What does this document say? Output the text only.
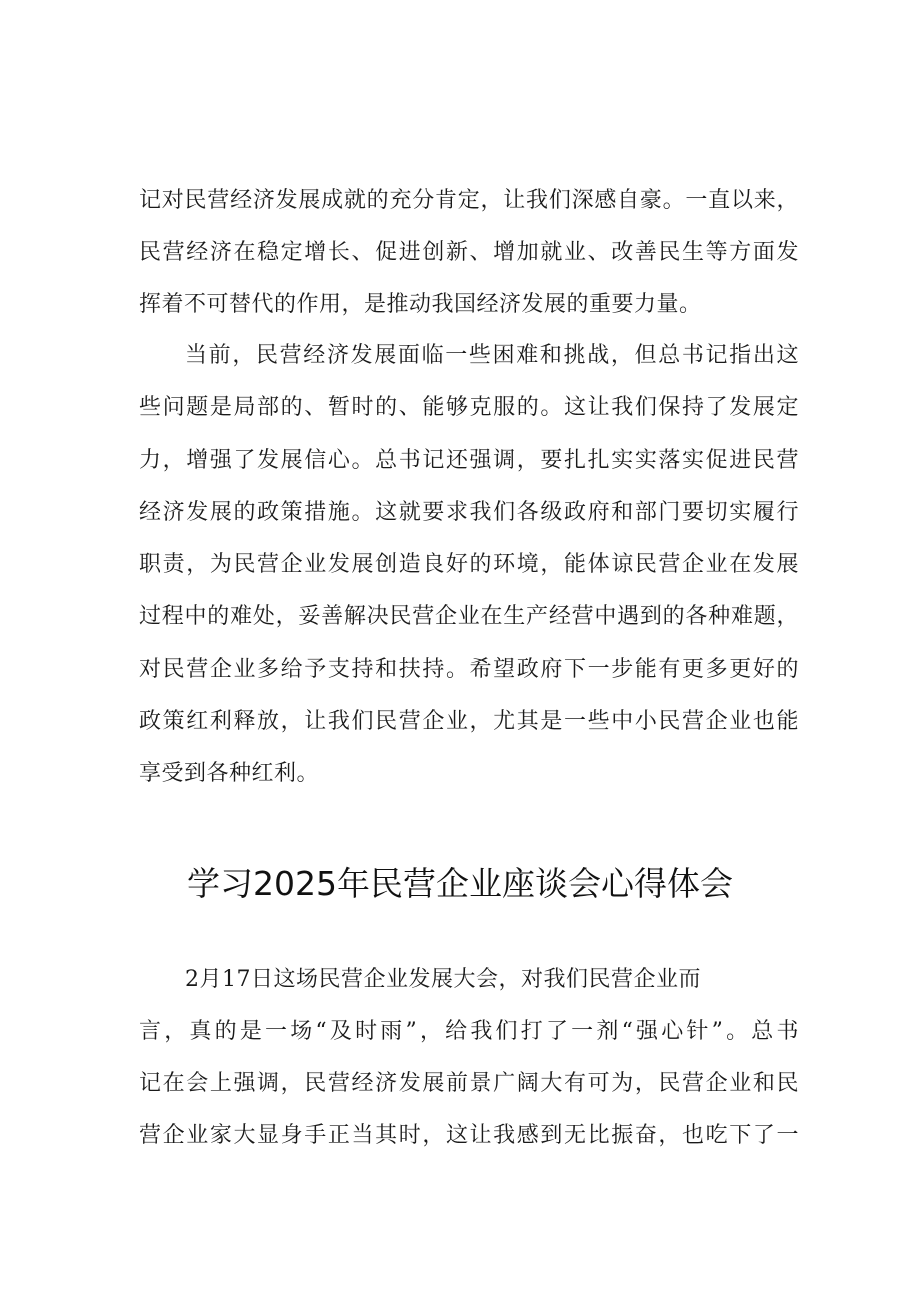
记对民营经济发展成就的充分肯定，让我们深感自豪。一直以来，
民营经济在稳定增长、促进创新、增加就业、改善民生等方面发
挥着不可替代的作用，是推动我国经济发展的重要力量。
当前，民营经济发展面临一些困难和挑战，但总书记指出这
些问题是局部的、暂时的、能够克服的。这让我们保持了发展定
力，增强了发展信心。总书记还强调，要扎扎实实落实促进民营
经济发展的政策措施。这就要求我们各级政府和部门要切实履行
职责，为民营企业发展创造良好的环境，能体谅民营企业在发展
过程中的难处，妥善解决民营企业在生产经营中遇到的各种难题，
对民营企业多给予支持和扶持。希望政府下一步能有更多更好的
政策红利释放，让我们民营企业，尤其是一些中小民营企业也能
享受到各种红利。
学习2025年民营企业座谈会心得体会
2月17日这场民营企业发展大会，对我们民营企业而
言，真的是一场“及时雨”，给我们打了一剂“强心针”。总书
记在会上强调，民营经济发展前景广阔大有可为，民营企业和民
营企业家大显身手正当其时，这让我感到无比振奋，也吃下了一
